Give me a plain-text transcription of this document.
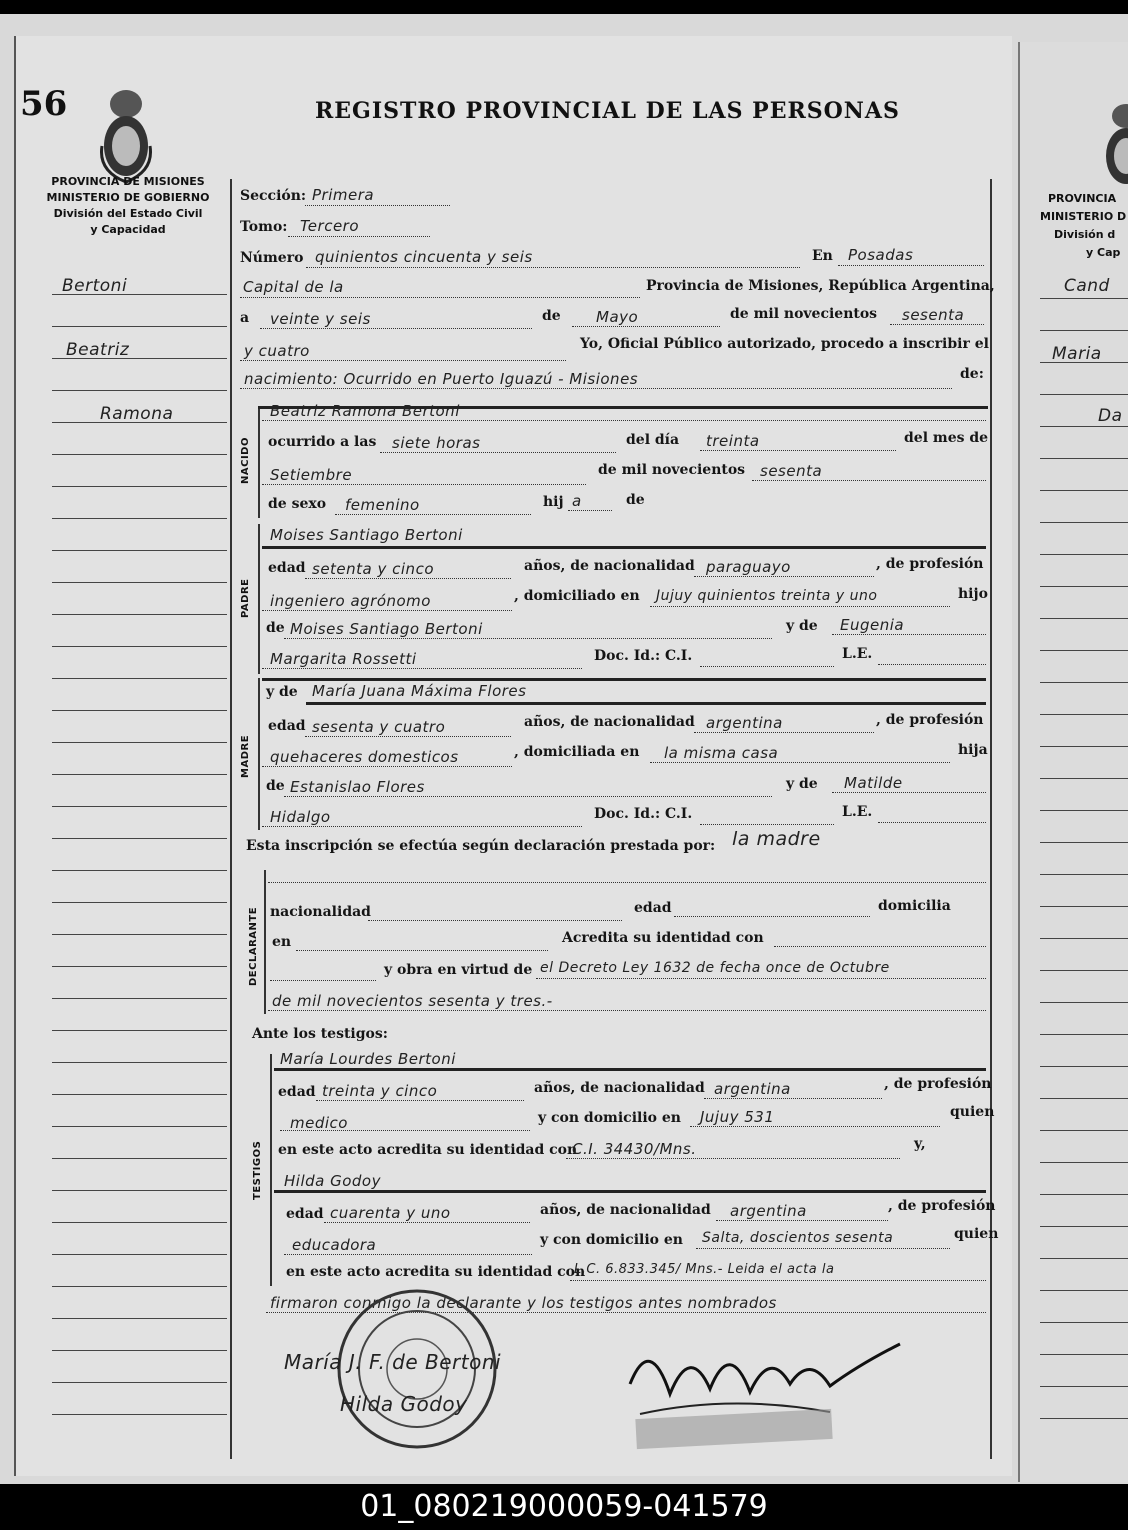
56	REGISTRO PROVINCIAL DE LAS PERSONAS
PROVINCIA DE MISIONES
MINISTERIO DE GOBIERNO
División del Estado Civil
y Capacidad
Bertoni
Beatriz
Ramona
Sección: Primera
Tomo: Tercero
Número quinientos cincuenta y seis	En Posadas
Capital de la	Provincia de Misiones, República Argentina,
a veinte y seis	de Mayo	de mil novecientos sesenta
y cuatro	Yo, Oficial Público autorizado, procedo a inscribir el
nacimiento: Ocurrido en Puerto Iguazú - Misiones	de:
NACIDO
Beatriz Ramona Bertoni
ocurrido a las siete horas	del día treinta	del mes de
Setiembre	de mil novecientos sesenta
de sexo femenino	hij a	de
PADRE
Moises Santiago Bertoni
edad setenta y cinco	años, de nacionalidad paraguayo	, de profesión
ingeniero agrónomo	, domiciliado en Jujuy quinientos treinta y uno	hijo
de Moises Santiago Bertoni	y de Eugenia
Margarita Rossetti	Doc. Id.: C.I.	L.E.
MADRE
y de María Juana Máxima Flores
edad sesenta y cuatro	años, de nacionalidad argentina	, de profesión
quehaceres domesticos	, domiciliada en la misma casa	hija
de Estanislao Flores	y de Matilde
Hidalgo	Doc. Id.: C.I.	L.E.
Esta inscripción se efectúa según declaración prestada por: la madre
DECLARANTE nacionalidad	edad	domicilia
en	Acredita su identidad con
y obra en virtud de el Decreto Ley 1632 de fecha once de Octubre
de mil novecientos sesenta y tres.-
Ante los testigos:
TESTIGOS
María Lourdes Bertoni
edad treinta y cinco	años, de nacionalidad argentina	, de profesión
medico	y con domicilio en Jujuy 531	quien
en este acto acredita su identidad con
C.I. 34430/Mns.	y,
Hilda Godoy
edad cuarenta y uno	años, de nacionalidad argentina	, de profesión
educadora	y con domicilio en Salta, doscientos sesenta	quien
en este acto acredita su identidad con
L.C. 6.833.345/ Mns.- Leida el acta la
firmaron conmigo la declarante y los testigos antes nombrados
María J. F. de Bertoni
Hilda Godoy
PROVINCIA
MINISTERIO D
División d
y Cap
Cand
Maria
Da
01_080219000059-041579
